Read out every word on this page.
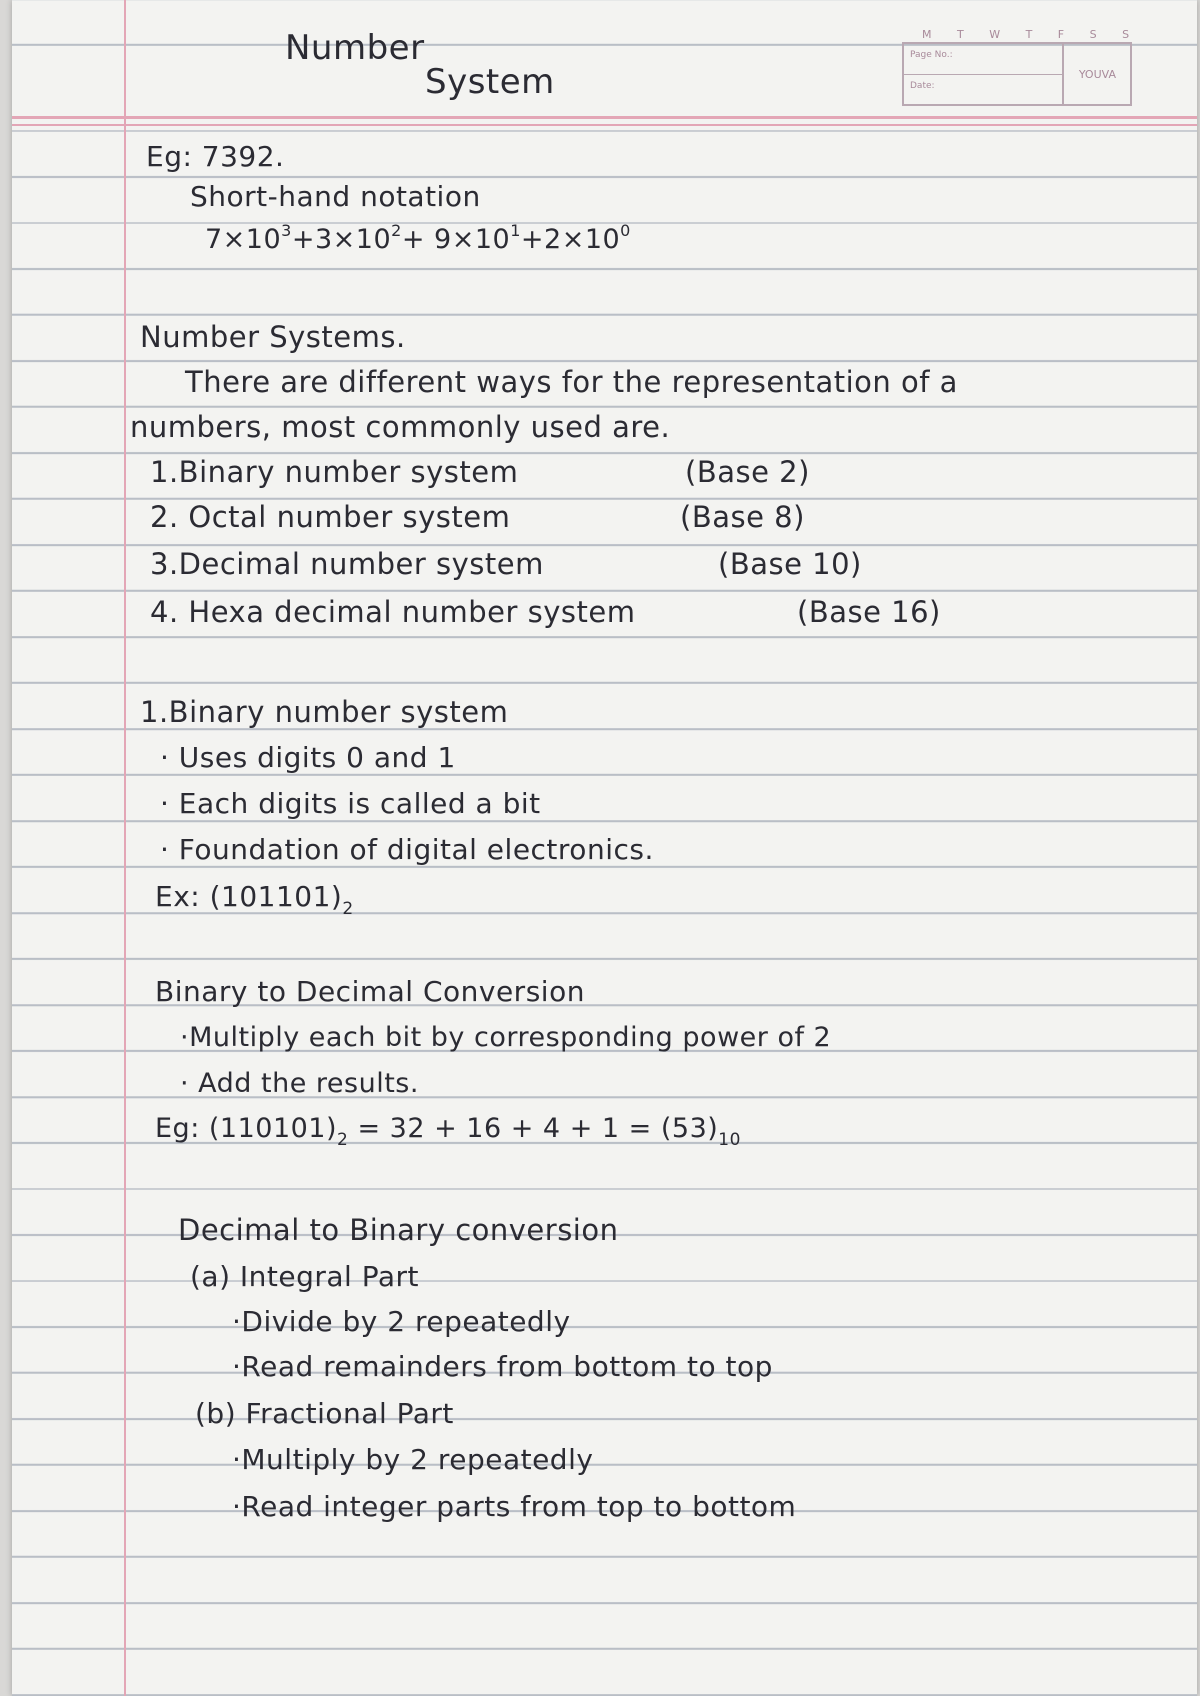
M T W T F S S
Page No.:
Date:
YOUVA
Number
System
Eg: 7392.
Short-hand notation
$7\times 10^3+3\times 10^2+ 9\times 10^1+2\times 10^0$
Number Systems.
There are different ways for the representation of a
numbers, most commonly used are.
1.Binary number system	(Base 2)
2. Octal number system	(Base 8)
3.Decimal number system	(Base 10)
4. Hexa decimal number system	(Base 16)
1.Binary number system
· Uses digits 0 and 1
· Each digits is called a bit
· Foundation of digital electronics.
Ex: $(101101)_2$
Binary to Decimal Conversion
·Multiply each bit by corresponding power of 2
· Add the results.
Eg: $(110101)_2 = 32 + 16 + 4 + 1 = (53)_{10}$
Decimal to Binary conversion
(a) Integral Part
·Divide by 2 repeatedly
·Read remainders from bottom to top
(b) Fractional Part
·Multiply by 2 repeatedly
·Read integer parts from top to bottom
